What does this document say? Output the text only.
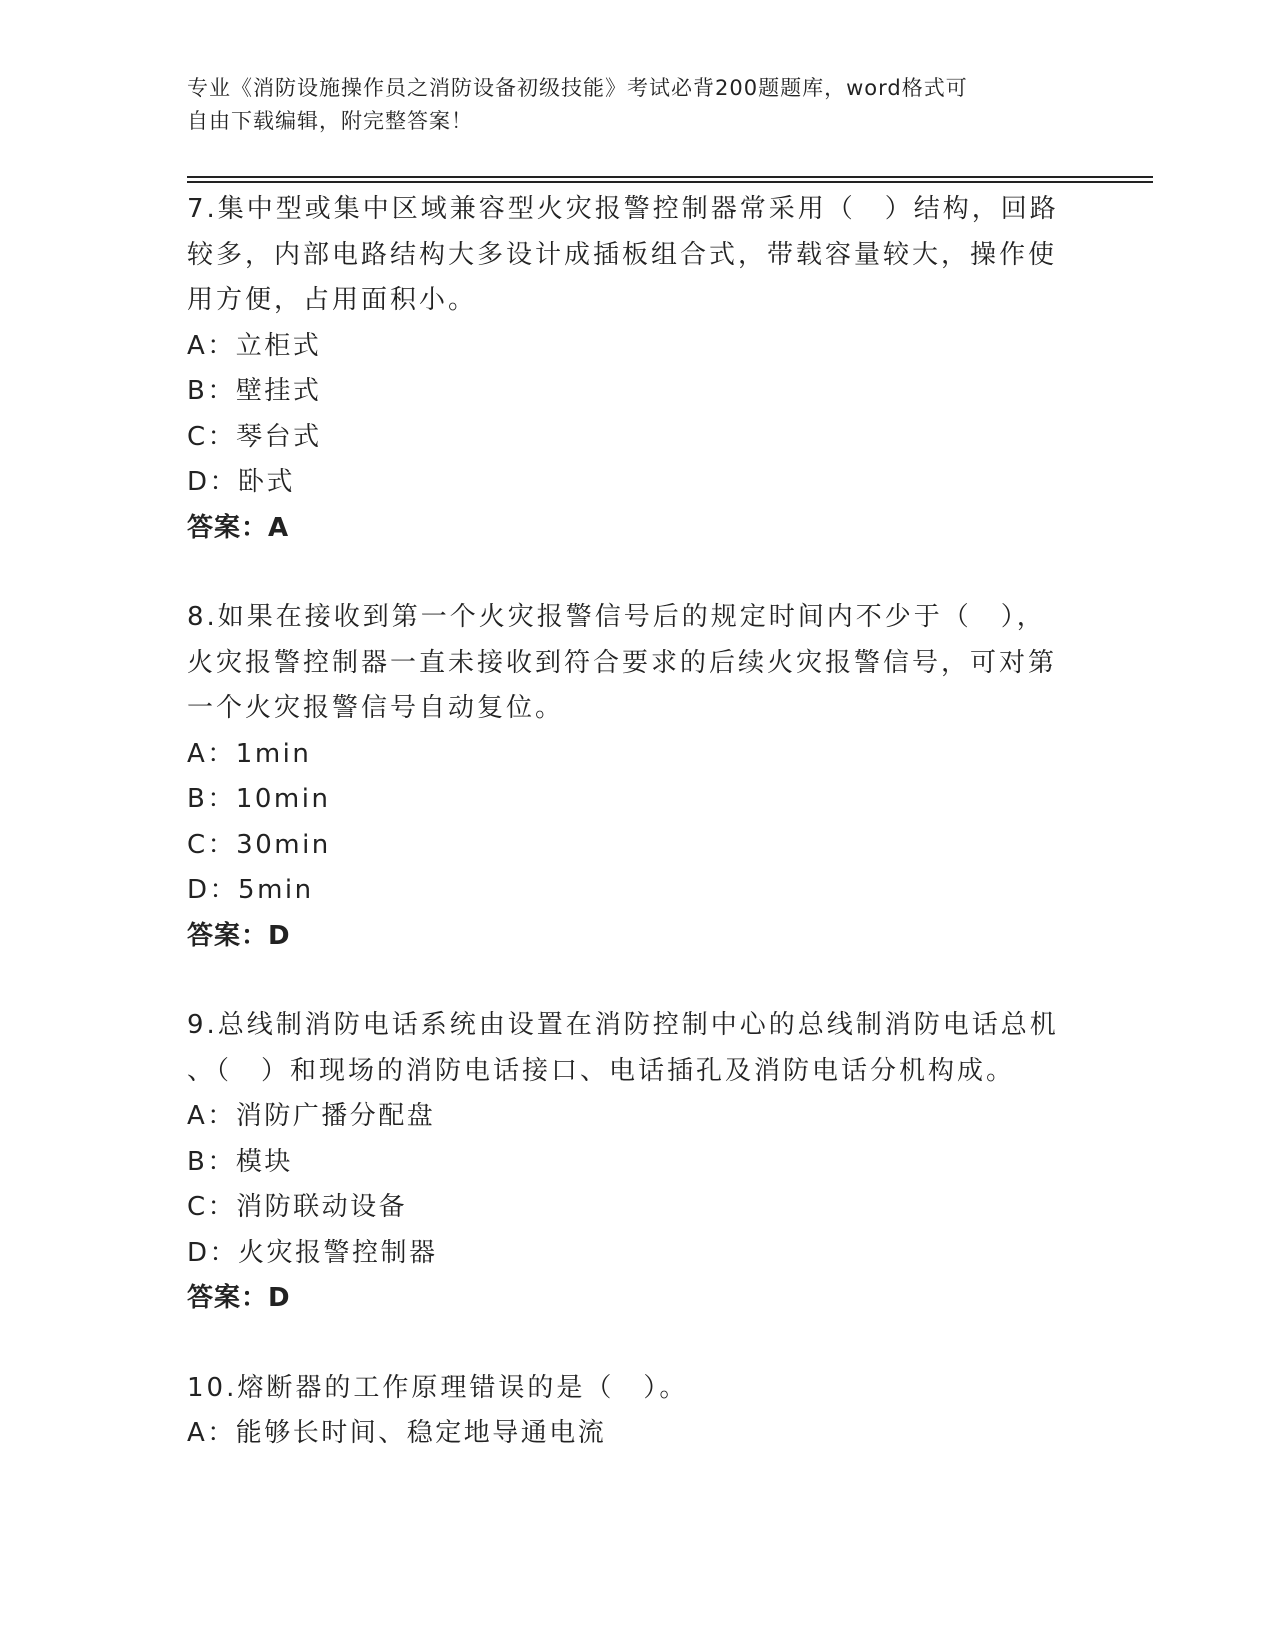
专业《消防设施操作员之消防设备初级技能》考试必背200题题库，word格式可
自由下载编辑，附完整答案！
7.集中型或集中区域兼容型火灾报警控制器常采用（　）结构，回路
较多，内部电路结构大多设计成插板组合式，带载容量较大，操作使
用方便，占用面积小。
A：立柜式
B：壁挂式
C：琴台式
D：卧式
答案：A
8.如果在接收到第一个火灾报警信号后的规定时间内不少于（　），
火灾报警控制器一直未接收到符合要求的后续火灾报警信号，可对第
一个火灾报警信号自动复位。
A：1min
B：10min
C：30min
D：5min
答案：D
9.总线制消防电话系统由设置在消防控制中心的总线制消防电话总机
、（　）和现场的消防电话接口、电话插孔及消防电话分机构成。
A：消防广播分配盘
B：模块
C：消防联动设备
D：火灾报警控制器
答案：D
10.熔断器的工作原理错误的是（　）。
A：能够长时间、稳定地导通电流
